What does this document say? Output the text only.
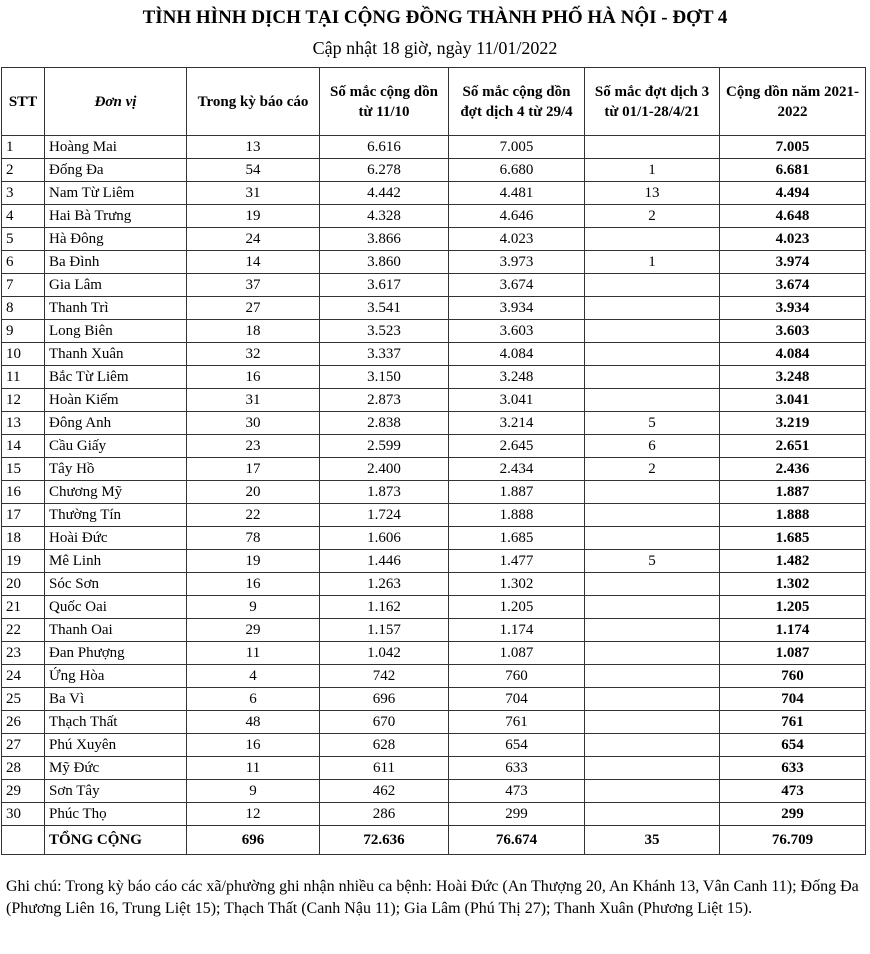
TÌNH HÌNH DỊCH TẠI CỘNG ĐỒNG THÀNH PHỐ HÀ NỘI - ĐỢT 4
Cập nhật 18 giờ, ngày 11/01/2022
STT	Đơn vị	Trong kỳ báo cáo	Số mắc cộng dồn từ 11/10	Số mắc cộng dồn đợt dịch 4 từ 29/4	Số mắc đợt dịch 3 từ 01/1-28/4/21	Cộng dồn năm 2021-2022
1	Hoàng Mai	13	6.616	7.005		7.005
2	Đống Đa	54	6.278	6.680	1	6.681
3	Nam Từ Liêm	31	4.442	4.481	13	4.494
4	Hai Bà Trưng	19	4.328	4.646	2	4.648
5	Hà Đông	24	3.866	4.023		4.023
6	Ba Đình	14	3.860	3.973	1	3.974
7	Gia Lâm	37	3.617	3.674		3.674
8	Thanh Trì	27	3.541	3.934		3.934
9	Long Biên	18	3.523	3.603		3.603
10	Thanh Xuân	32	3.337	4.084		4.084
11	Bắc Từ Liêm	16	3.150	3.248		3.248
12	Hoàn Kiếm	31	2.873	3.041		3.041
13	Đông Anh	30	2.838	3.214	5	3.219
14	Cầu Giấy	23	2.599	2.645	6	2.651
15	Tây Hồ	17	2.400	2.434	2	2.436
16	Chương Mỹ	20	1.873	1.887		1.887
17	Thường Tín	22	1.724	1.888		1.888
18	Hoài Đức	78	1.606	1.685		1.685
19	Mê Linh	19	1.446	1.477	5	1.482
20	Sóc Sơn	16	1.263	1.302		1.302
21	Quốc Oai	9	1.162	1.205		1.205
22	Thanh Oai	29	1.157	1.174		1.174
23	Đan Phượng	11	1.042	1.087		1.087
24	Ứng Hòa	4	742	760		760
25	Ba Vì	6	696	704		704
26	Thạch Thất	48	670	761		761
27	Phú Xuyên	16	628	654		654
28	Mỹ Đức	11	611	633		633
29	Sơn Tây	9	462	473		473
30	Phúc Thọ	12	286	299		299
	TỔNG CỘNG	696	72.636	76.674	35	76.709
Ghi chú: Trong kỳ báo cáo các xã/phường ghi nhận nhiều ca bệnh: Hoài Đức (An Thượng 20, An Khánh 13, Vân Canh 11); Đống Đa (Phương Liên 16, Trung Liệt 15); Thạch Thất (Canh Nậu 11); Gia Lâm (Phú Thị 27); Thanh Xuân (Phương Liệt 15).
